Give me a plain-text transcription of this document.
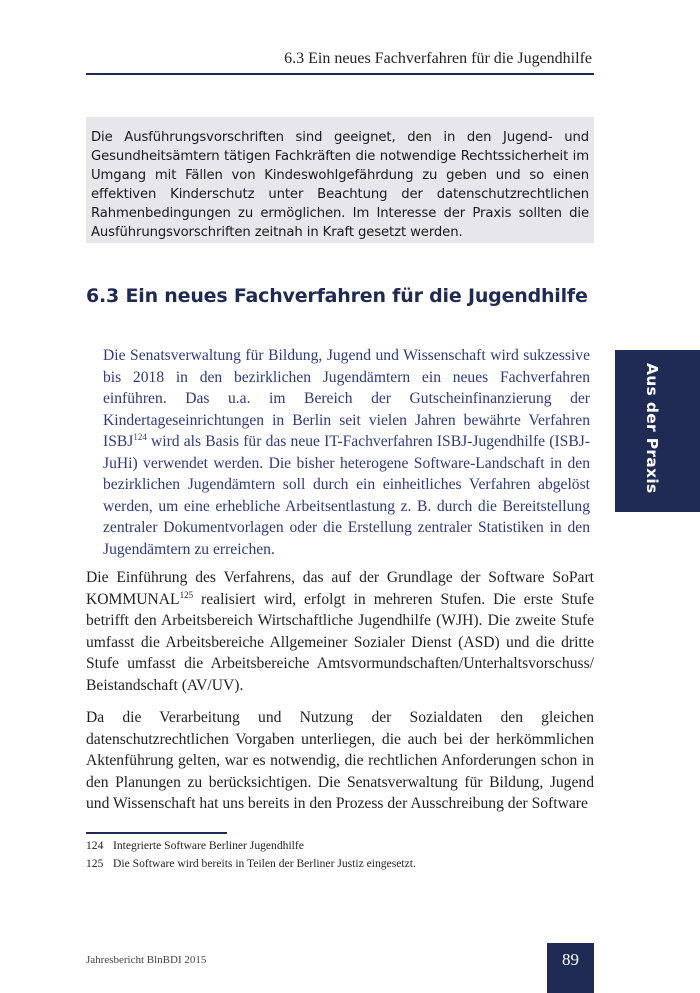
6.3 Ein neues Fachverfahren für die Jugendhilfe
Die Ausführungsvorschriften sind geeignet, den in den Jugend- und Gesundheitsämtern tätigen Fachkräften die notwendige Rechtssicherheit im Umgang mit Fällen von Kindeswohlgefährdung zu geben und so einen effektiven Kinderschutz unter Beachtung der datenschutzrechtlichen Rahmenbedingungen zu ermöglichen. Im Interesse der Praxis sollten die Ausführungsvorschriften zeitnah in Kraft gesetzt werden.
6.3 Ein neues Fachverfahren für die Jugendhilfe
Die Senatsverwaltung für Bildung, Jugend und Wissenschaft wird sukzessive bis 2018 in den bezirklichen Jugendämtern ein neues Fachverfahren einführen. Das u.a. im Bereich der Gutscheinfinanzierung der Kindertageseinrichtungen in Berlin seit vielen Jahren bewährte Verfahren ISBJ$^{124}$ wird als Basis für das neue IT-Fachverfahren ISBJ-Jugendhilfe (ISBJ-JuHi) verwendet werden. Die bisher heterogene Software-Landschaft in den bezirklichen Jugendämtern soll durch ein einheitliches Verfahren abgelöst werden, um eine erhebliche Arbeitsentlastung z. B. durch die Bereitstellung zentraler Dokumentvorlagen oder die Erstellung zentraler Statistiken in den Jugendämtern zu erreichen.
Die Einführung des Verfahrens, das auf der Grundlage der Software SoPart KOMMUNAL$^{125}$ realisiert wird, erfolgt in mehreren Stufen. Die erste Stufe betrifft den Arbeitsbereich Wirtschaftliche Jugendhilfe (WJH). Die zweite Stufe umfasst die Arbeitsbereiche Allgemeiner Sozialer Dienst (ASD) und die dritte Stufe umfasst die Arbeitsbereiche Amtsvormundschaften/Unterhaltsvorschuss/ Beistandschaft (AV/UV).
Da die Verarbeitung und Nutzung der Sozialdaten den gleichen datenschutzrechtlichen Vorgaben unterliegen, die auch bei der herkömmlichen Aktenführung gelten, war es notwendig, die rechtlichen Anforderungen schon in den Planungen zu berücksichtigen. Die Senatsverwaltung für Bildung, Jugend und Wissenschaft hat uns bereits in den Prozess der Ausschreibung der Software
124 Integrierte Software Berliner Jugendhilfe
125 Die Software wird bereits in Teilen der Berliner Justiz eingesetzt.
Aus der Praxis
Jahresbericht BlnBDI 2015	89
